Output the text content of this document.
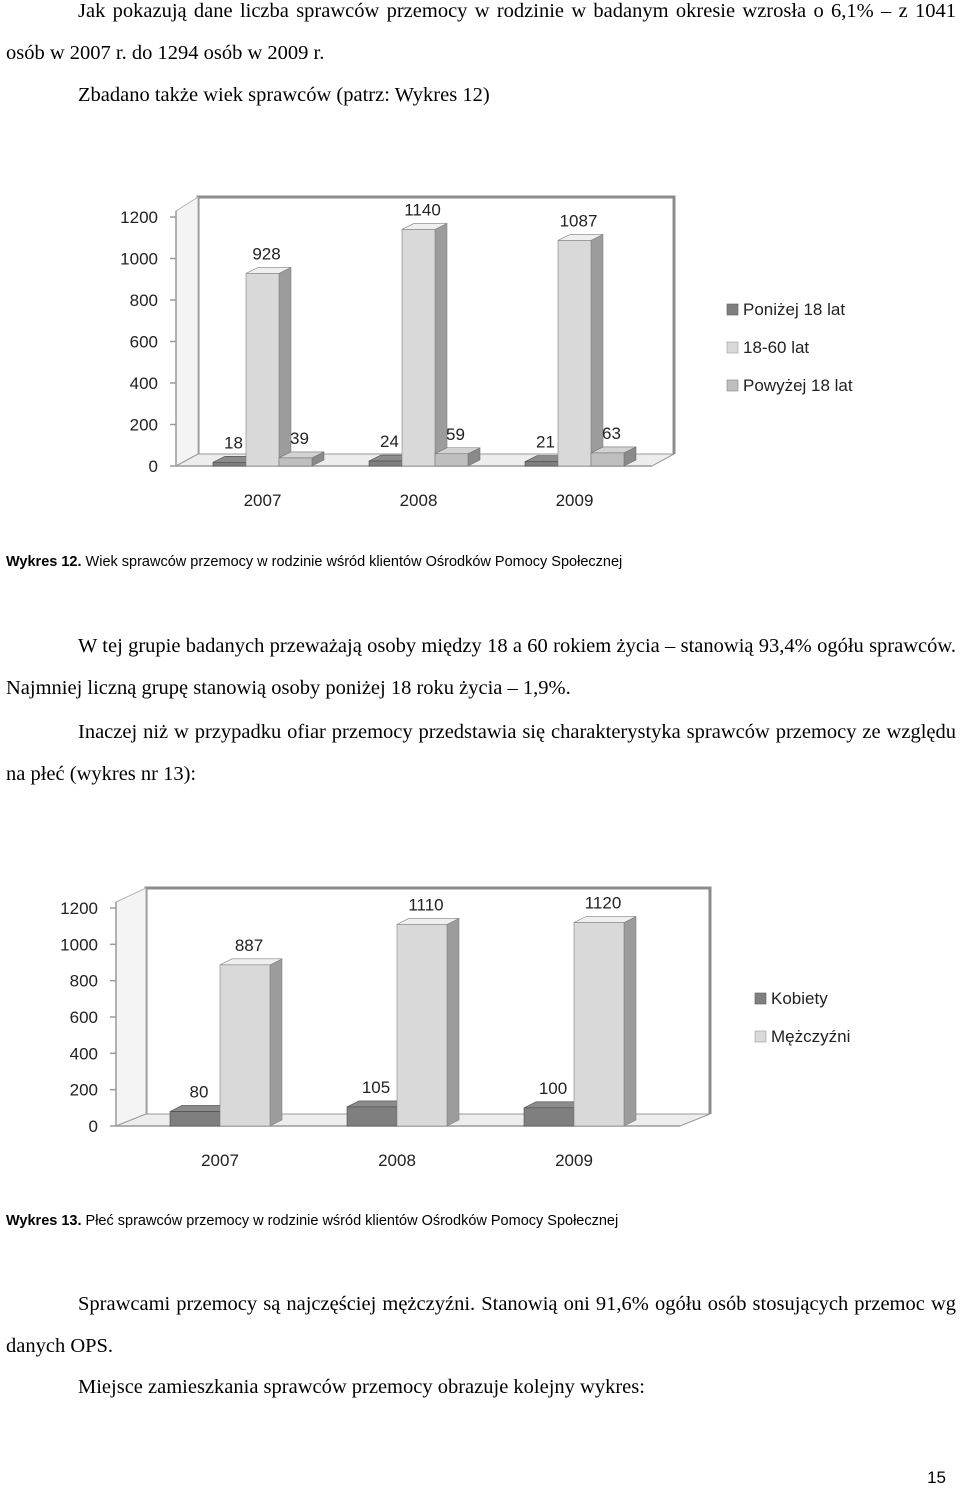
Jak pokazują dane liczba sprawców przemocy w rodzinie w badanym okresie wzrosła o 6,1% – z 1041 osób w 2007 r. do 1294 osób w 2009 r.

Zbadano także wiek sprawców (patrz: Wykres 12)
0
200
400
600
800
1000
1200
18
928
39
2007
24
1140
59
2008
21
1087
63
2009
Poniżej 18 lat
18-60 lat
Powyżej 18 lat
Wykres 12. Wiek sprawców przemocy w rodzinie wśród klientów Ośrodków Pomocy Społecznej

W tej grupie badanych przeważają osoby między 18 a 60 rokiem życia – stanowią 93,4% ogółu sprawców. Najmniej liczną grupę stanowią osoby poniżej 18 roku życia – 1,9%.

Inaczej niż w przypadku ofiar przemocy przedstawia się charakterystyka sprawców przemocy ze względu na płeć (wykres nr 13):

0
200
400
600
800
1000
1200
80
887
2007
105
1110
2008
100
1120
2009
Kobiety
Mężczyźni
Wykres 13. Płeć sprawców przemocy w rodzinie wśród klientów Ośrodków Pomocy Społecznej

Sprawcami przemocy są najczęściej mężczyźni. Stanowią oni 91,6% ogółu osób stosujących przemoc wg danych OPS.

Miejsce zamieszkania sprawców przemocy obrazuje kolejny wykres:
15
